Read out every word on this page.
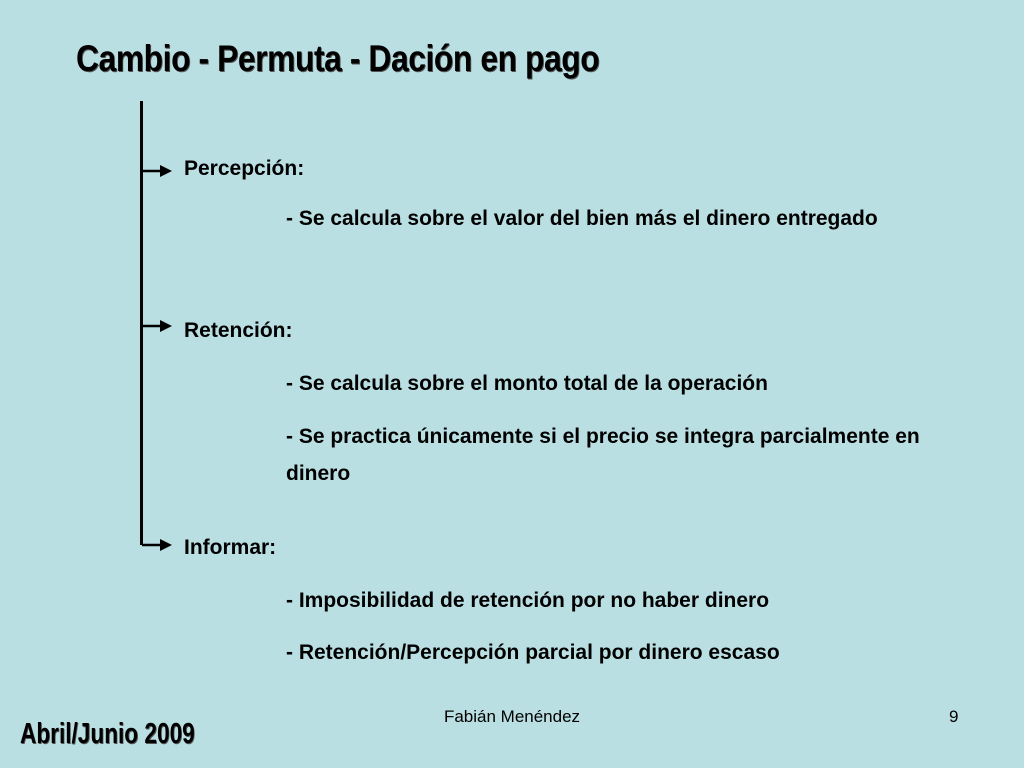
Cambio - Permuta - Dación en pago
Percepción:
- Se calcula sobre el valor del bien más el dinero entregado
Retención:
- Se calcula sobre el monto total de la operación
- Se practica únicamente si el precio se integra parcialmente en dinero
Informar:
- Imposibilidad de retención por no haber dinero
- Retención/Percepción parcial por dinero escaso
Fabián Menéndez	9
Abril/Junio 2009
